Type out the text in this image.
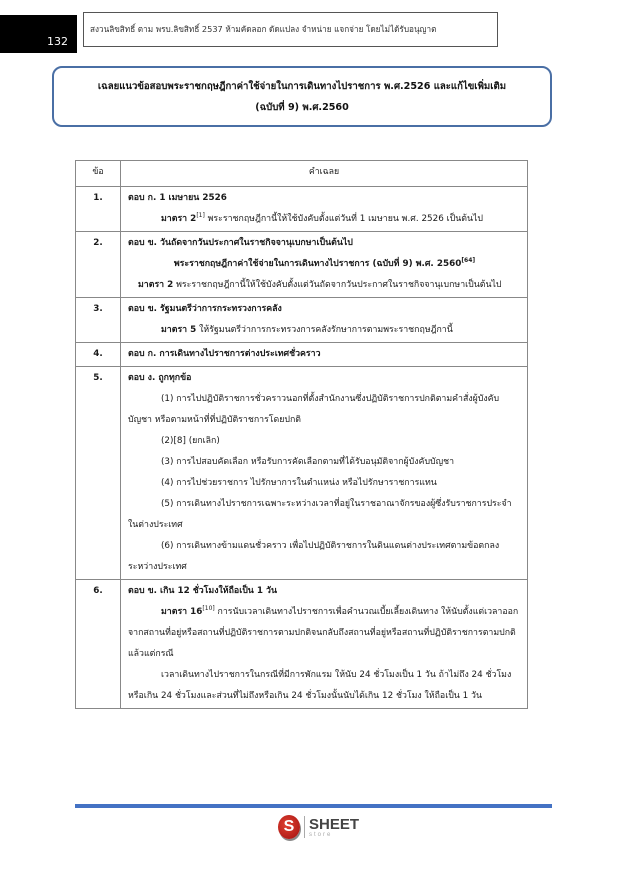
132
สงวนลิขสิทธิ์ ตาม พรบ.ลิขสิทธิ์ 2537 ห้ามคัดลอก ดัดแปลง จำหน่าย แจกจ่าย โดยไม่ได้รับอนุญาต
เฉลยแนวข้อสอบพระราชกฤษฎีกาค่าใช้จ่ายในการเดินทางไปราชการ พ.ศ.2526 และแก้ไขเพิ่มเติม
(ฉบับที่ 9) พ.ศ.2560
ข้อ	คำเฉลย
1.	ตอบ ก. 1 เมษายน 2526
มาตรา 2[1] พระราชกฤษฎีกานี้ให้ใช้บังคับตั้งแต่วันที่ 1 เมษายน พ.ศ. 2526 เป็นต้นไป

2.	ตอบ ข. วันถัดจากวันประกาศในราชกิจจานุเบกษาเป็นต้นไป
พระราชกฤษฎีกาค่าใช้จ่ายในการเดินทางไปราชการ (ฉบับที่ 9) พ.ศ. 2560[64]
มาตรา 2 พระราชกฤษฎีกานี้ให้ใช้บังคับตั้งแต่วันถัดจากวันประกาศในราชกิจจานุเบกษาเป็นต้นไป

3.	ตอบ ข. รัฐมนตรีว่าการกระทรวงการคลัง
มาตรา 5 ให้รัฐมนตรีว่าการกระทรวงการคลังรักษาการตามพระราชกฤษฎีกานี้

4.	ตอบ ก. การเดินทางไปราชการต่างประเทศชั่วคราว

5.	ตอบ ง. ถูกทุกข้อ
(1) การไปปฏิบัติราชการชั่วคราวนอกที่ตั้งสำนักงานซึ่งปฏิบัติราชการปกติตามคำสั่งผู้บังคับบัญชา หรือตามหน้าที่ที่ปฏิบัติราชการโดยปกติ
(2)[8] (ยกเลิก)
(3) การไปสอบคัดเลือก หรือรับการคัดเลือกตามที่ได้รับอนุมัติจากผู้บังคับบัญชา
(4) การไปช่วยราชการ ไปรักษาการในตำแหน่ง หรือไปรักษาราชการแทน
(5) การเดินทางไปราชการเฉพาะระหว่างเวลาที่อยู่ในราชอาณาจักรของผู้ซึ่งรับราชการประจำในต่างประเทศ
(6) การเดินทางข้ามแดนชั่วคราว เพื่อไปปฏิบัติราชการในดินแดนต่างประเทศตามข้อตกลงระหว่างประเทศ

6.	ตอบ ข. เกิน 12 ชั่วโมงให้ถือเป็น 1 วัน
มาตรา 16[10] การนับเวลาเดินทางไปราชการเพื่อคำนวณเบี้ยเลี้ยงเดินทาง ให้นับตั้งแต่เวลาออกจากสถานที่อยู่หรือสถานที่ปฏิบัติราชการตามปกติจนกลับถึงสถานที่อยู่หรือสถานที่ปฏิบัติราชการตามปกติ แล้วแต่กรณี
เวลาเดินทางไปราชการในกรณีที่มีการพักแรม ให้นับ 24 ชั่วโมงเป็น 1 วัน ถ้าไม่ถึง 24 ชั่วโมงหรือเกิน 24 ชั่วโมงและส่วนที่ไม่ถึงหรือเกิน 24 ชั่วโมงนั้นนับได้เกิน 12 ชั่วโมง ให้ถือเป็น 1 วัน
S SHEET
store
